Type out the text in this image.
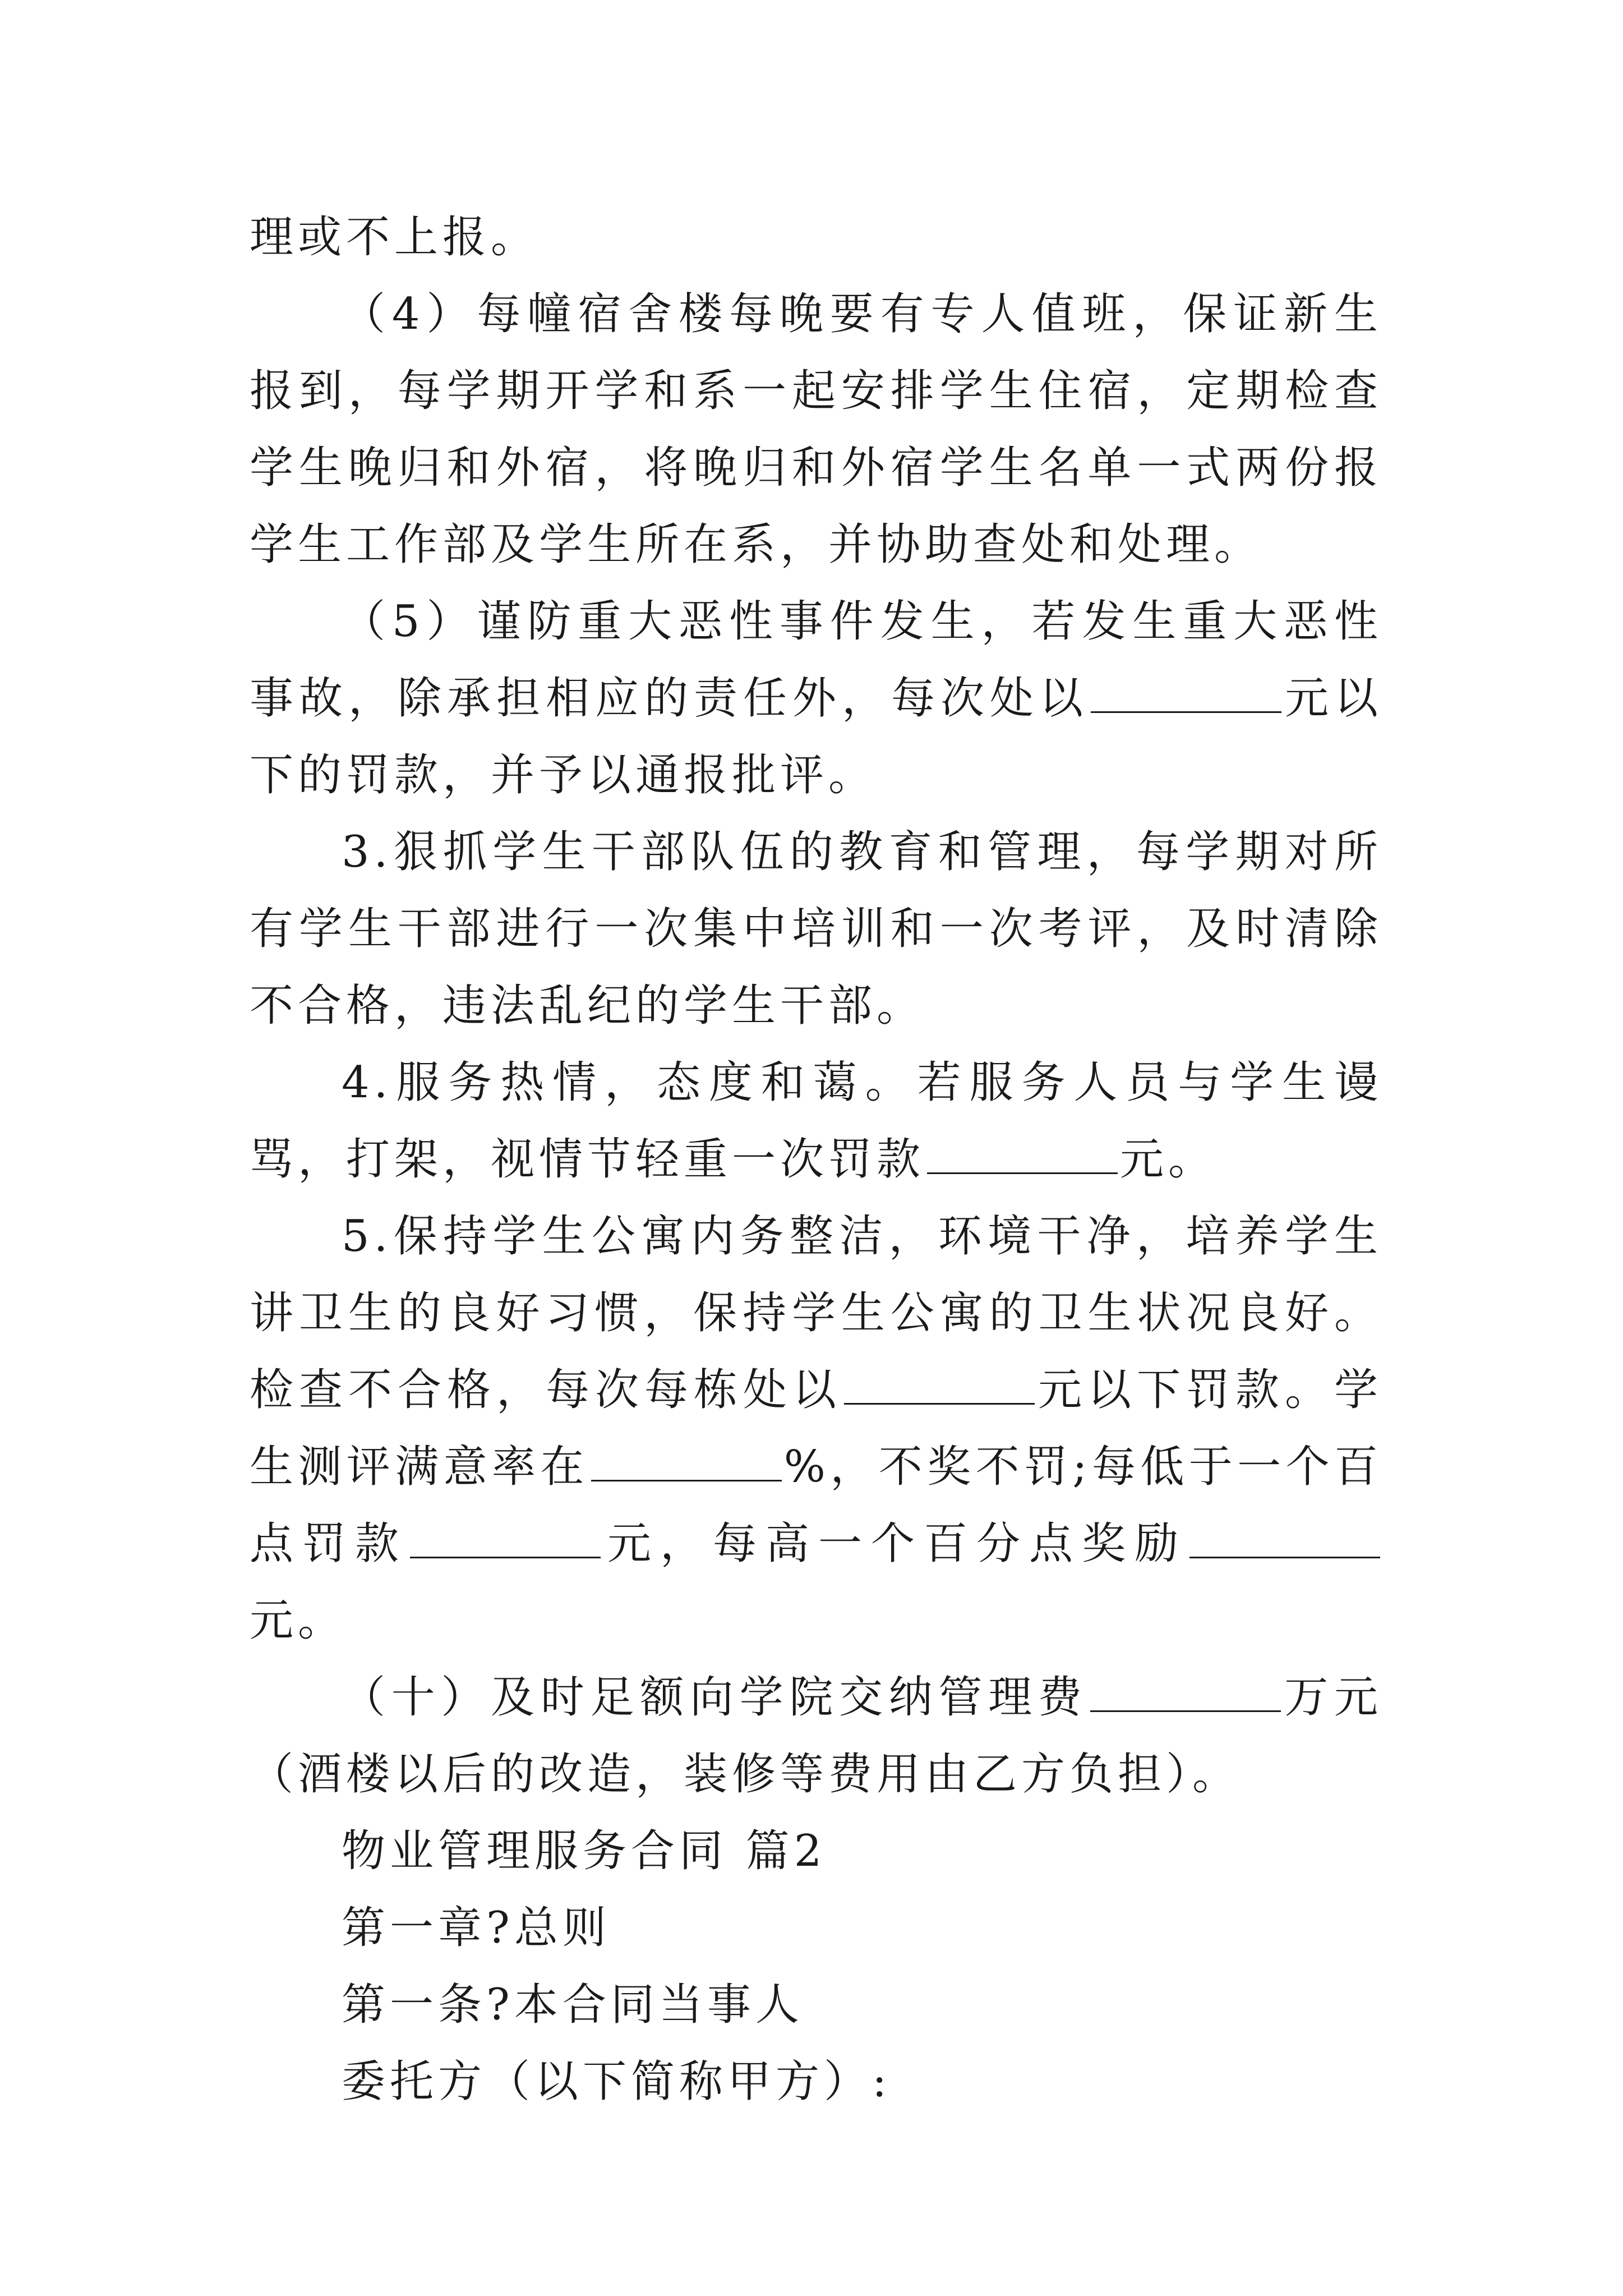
理或不上报。

（4）每幢宿舍楼每晚要有专人值班，保证新生报到，每学期开学和系一起安排学生住宿，定期检查学生晚归和外宿，将晚归和外宿学生名单一式两份报学生工作部及学生所在系，并协助查处和处理。

（5）谨防重大恶性事件发生，若发生重大恶性事故，除承担相应的责任外，每次处以	元以下的罚款，并予以通报批评。

3.狠抓学生干部队伍的教育和管理，每学期对所有学生干部进行一次集中培训和一次考评，及时清除不合格，违法乱纪的学生干部。

4.服务热情，态度和蔼。若服务人员与学生谩骂，打架，视情节轻重一次罚款	元。

5.保持学生公寓内务整洁，环境干净，培养学生讲卫生的良好习惯，保持学生公寓的卫生状况良好。检查不合格，每次每栋处以	元以下罚款。学生测评满意率在	%，不奖不罚;每低于一个百点罚款	元，每高一个百分点奖励元。

（十）及时足额向学院交纳管理费	万元（酒楼以后的改造，装修等费用由乙方负担）。

物业管理服务合同 篇2

第一章?总则

第一条?本合同当事人

委托方（以下简称甲方）:
